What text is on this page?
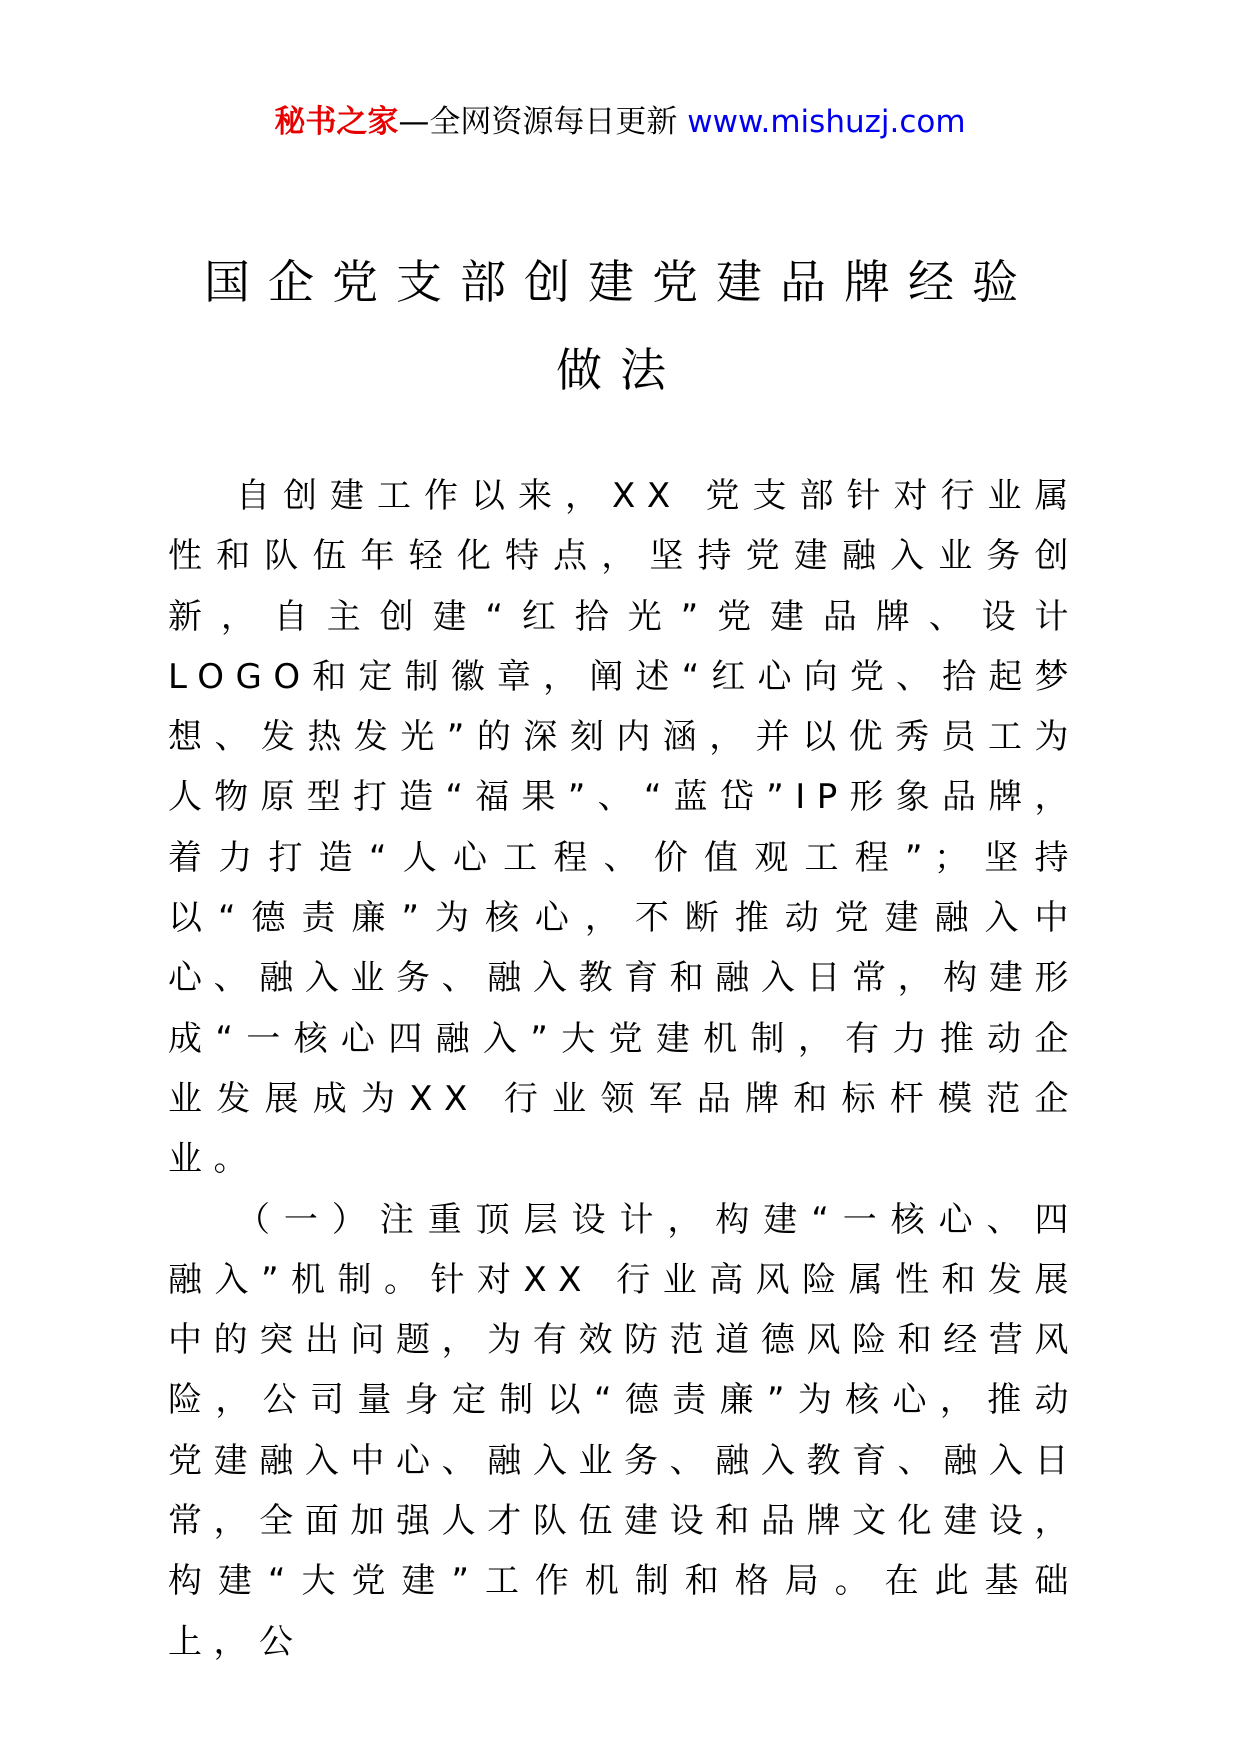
秘书之家—全网资源每日更新 www.mishuzj.com
国企党支部创建党建品牌经验
做法

自创建工作以来，XX 党支部针对行业属性和队伍年轻化特点，坚持党建融入业务创新，自主创建“红拾光”党建品牌、设计LOGO和定制徽章，阐述“红心向党、拾起梦想、发热发光”的深刻内涵，并以优秀员工为人物原型打造“福果”、“蓝岱”IP形象品牌，着力打造“人心工程、价值观工程”；坚持以“德责廉”为核心，不断推动党建融入中心、融入业务、融入教育和融入日常，构建形成“一核心四融入”大党建机制，有力推动企业发展成为XX 行业领军品牌和标杆模范企业。

（一）注重顶层设计，构建“一核心、四融入”机制。针对XX 行业高风险属性和发展中的突出问题，为有效防范道德风险和经营风险，公司量身定制以“德责廉”为核心，推动党建融入中心、融入业务、融入教育、融入日常，全面加强人才队伍建设和品牌文化建设，构建“大党建”工作机制和格局。在此基础上，公
